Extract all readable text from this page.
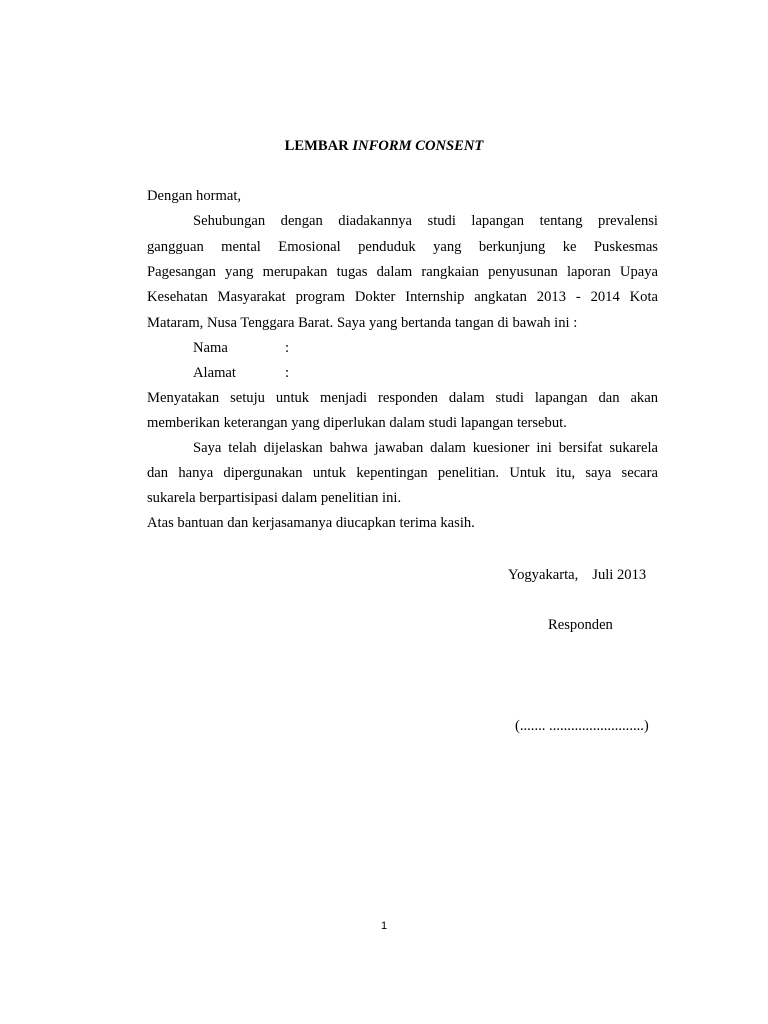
LEMBAR INFORM CONSENT
Dengan hormat,
Sehubungan dengan diadakannya studi lapangan tentang prevalensi
gangguan mental Emosional penduduk yang berkunjung ke Puskesmas
Pagesangan yang merupakan tugas dalam rangkaian penyusunan laporan Upaya
Kesehatan Masyarakat program Dokter Internship angkatan 2013 - 2014 Kota
Mataram, Nusa Tenggara Barat. Saya yang bertanda tangan di bawah ini :
Nama	:
Alamat	:
Menyatakan setuju untuk menjadi responden dalam studi lapangan dan akan
memberikan keterangan yang diperlukan dalam studi lapangan tersebut.
Saya telah dijelaskan bahwa jawaban dalam kuesioner ini bersifat sukarela
dan hanya dipergunakan untuk kepentingan penelitian. Untuk itu, saya secara
sukarela berpartisipasi dalam penelitian ini.
Atas bantuan dan kerjasamanya diucapkan terima kasih.
Yogyakarta, Juli 2013
Responden
(....... ..........................)
1
